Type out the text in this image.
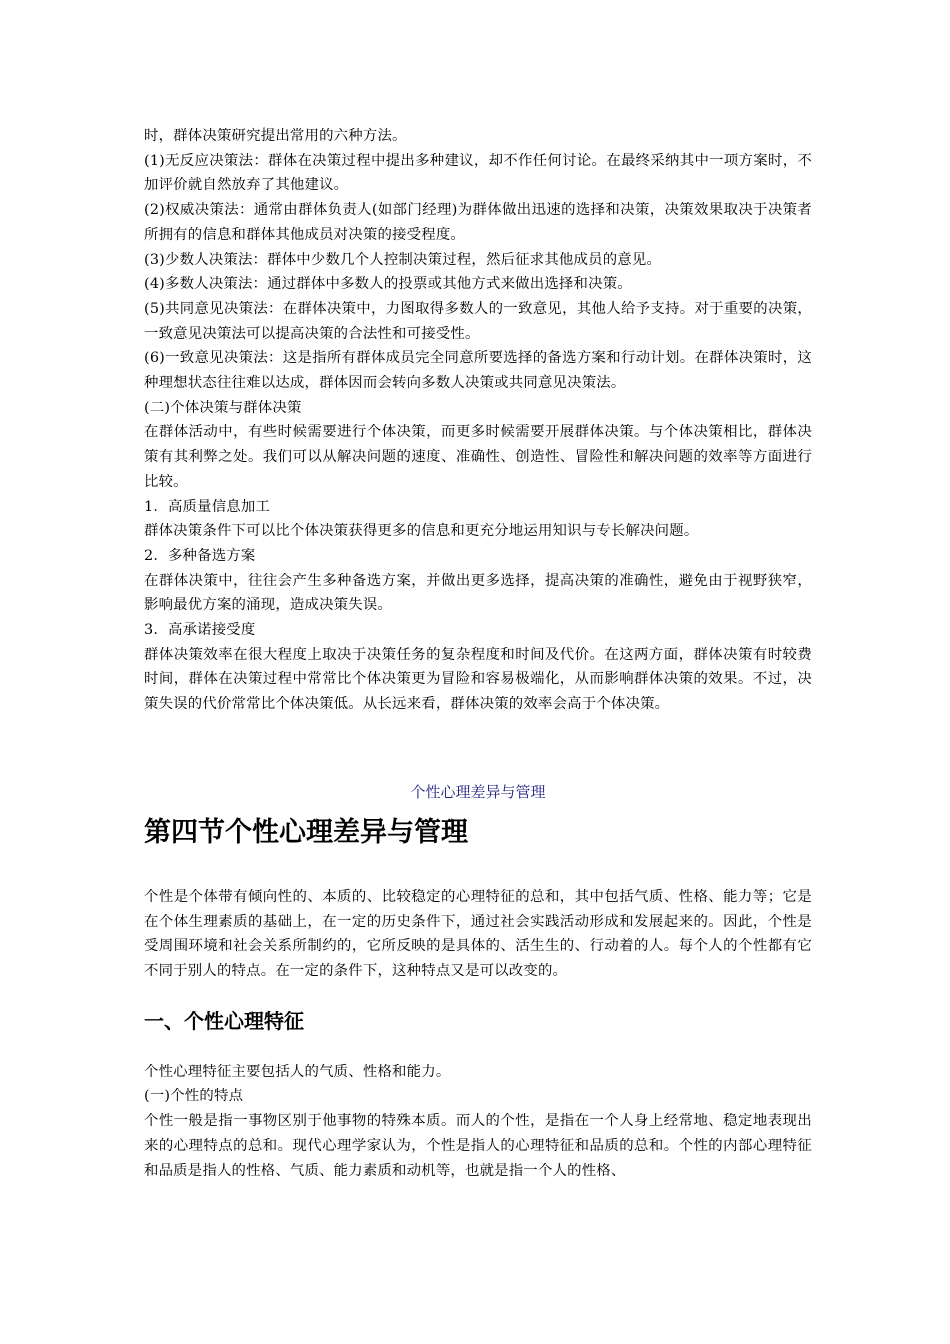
时，群体决策研究提出常用的六种方法。

(1)无反应决策法：群体在决策过程中提出多种建议，却不作任何讨论。在最终采纳其中一项方案时，不加评价就自然放弃了其他建议。

(2)权威决策法：通常由群体负责人(如部门经理)为群体做出迅速的选择和决策，决策效果取决于决策者所拥有的信息和群体其他成员对决策的接受程度。

(3)少数人决策法：群体中少数几个人控制决策过程，然后征求其他成员的意见。

(4)多数人决策法：通过群体中多数人的投票或其他方式来做出选择和决策。

(5)共同意见决策法：在群体决策中，力图取得多数人的一致意见，其他人给予支持。对于重要的决策，一致意见决策法可以提高决策的合法性和可接受性。

(6)一致意见决策法：这是指所有群体成员完全同意所要选择的备选方案和行动计划。在群体决策时，这种理想状态往往难以达成，群体因而会转向多数人决策或共同意见决策法。

(二)个体决策与群体决策

在群体活动中，有些时候需要进行个体决策，而更多时候需要开展群体决策。与个体决策相比，群体决策有其利弊之处。我们可以从解决问题的速度、准确性、创造性、冒险性和解决问题的效率等方面进行比较。

1．高质量信息加工

群体决策条件下可以比个体决策获得更多的信息和更充分地运用知识与专长解决问题。

2．多种备选方案

在群体决策中，往往会产生多种备选方案，并做出更多选择，提高决策的准确性，避免由于视野狭窄，影响最优方案的涌现，造成决策失误。

3．高承诺接受度

群体决策效率在很大程度上取决于决策任务的复杂程度和时间及代价。在这两方面，群体决策有时较费时间，群体在决策过程中常常比个体决策更为冒险和容易极端化，从而影响群体决策的效果。不过，决策失误的代价常常比个体决策低。从长远来看，群体决策的效率会高于个体决策。

个性心理差异与管理
第四节个性心理差异与管理

个性是个体带有倾向性的、本质的、比较稳定的心理特征的总和，其中包括气质、性格、能力等；它是在个体生理素质的基础上，在一定的历史条件下，通过社会实践活动形成和发展起来的。因此，个性是受周围环境和社会关系所制约的，它所反映的是具体的、活生生的、行动着的人。每个人的个性都有它不同于别人的特点。在一定的条件下，这种特点又是可以改变的。

一、个性心理特征

个性心理特征主要包括人的气质、性格和能力。

(一)个性的特点

个性一般是指一事物区别于他事物的特殊本质。而人的个性，是指在一个人身上经常地、稳定地表现出来的心理特点的总和。现代心理学家认为，个性是指人的心理特征和品质的总和。个性的内部心理特征和品质是指人的性格、气质、能力素质和动机等，也就是指一个人的性格、
